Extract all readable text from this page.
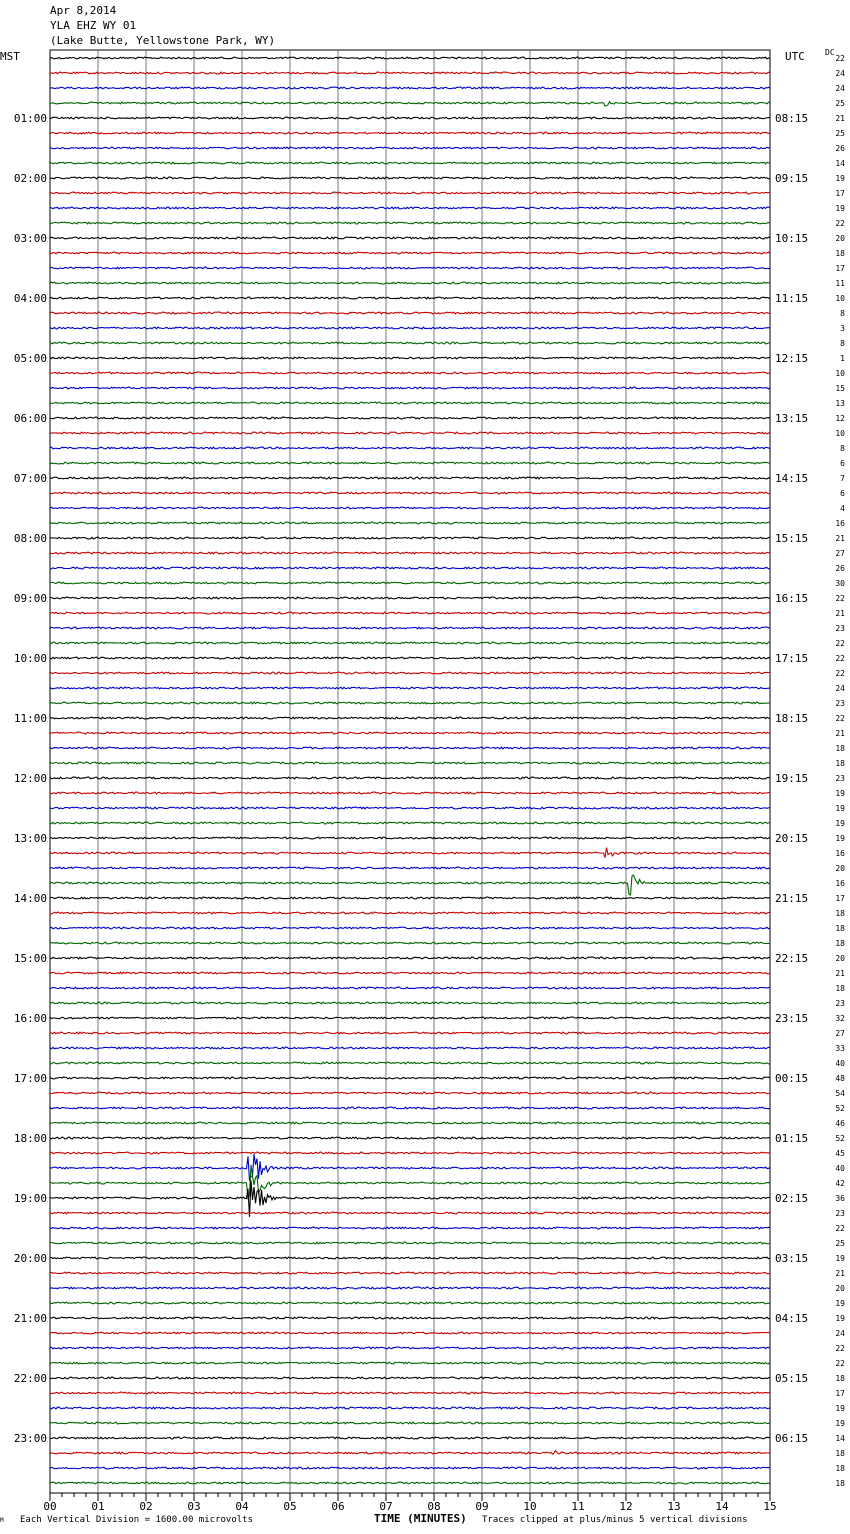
Apr 8,2014
YLA EHZ WY 01
(Lake Butte, Yellowstone Park, WY)
MST	UTC	DC
01:00	08:15
02:00	09:15
03:00	10:15
04:00	11:15
05:00	12:15
06:00	13:15
07:00	14:15
08:00	15:15
09:00	16:15
10:00	17:15
11:00	18:15
12:00	19:15
13:00	20:15
14:00	21:15
15:00	22:15
16:00	23:15
17:00	00:15
18:00	01:15
19:00	02:15
20:00	03:15
21:00	04:15
22:00	05:15
23:00	06:15
22
24
24
25
21
25
26
14
19
17
19
22
20
18
17
11
10
8
3
8
1
10
15
13
12
10
8
6
7
6
4
16
21
27
26
30
22
21
23
22
22
22
24
23
22
21
18
18
23
19
19
19
19
16
20
16
17
18
18
18
20
21
18
23
32
27
33
40
48
54
52
46
52
45
40
42
36
23
22
25
19
21
20
19
19
24
22
22
18
17
19
19
14
18
18
18
00	01	02	03	04	05	06	07	08	09	10	11	12	13	14	15
M Each Vertical Division = 1600.00 microvolts	TIME (MINUTES) Traces clipped at plus/minus 5 vertical divisions
